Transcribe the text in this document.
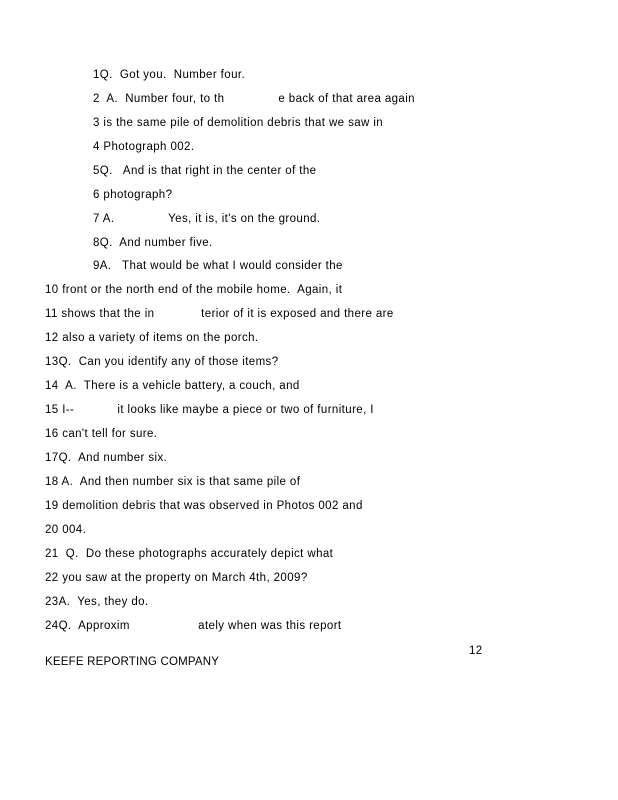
1Q.  Got you.  Number four.
2  A.  Number four, to th               e back of that area again
3 is the same pile of demolition debris that we saw in
4 Photograph 002.
5Q.   And is that right in the center of the
6 photograph?
7 A.               Yes, it is, it's on the ground.
8Q.  And number five.
9A.   That would be what I would consider the
10 front or the north end of the mobile home.  Again, it
11 shows that the in             terior of it is exposed and there are
12 also a variety of items on the porch.
13Q.  Can you identify any of those items?
14  A.  There is a vehicle battery, a couch, and
15 I--            it looks like maybe a piece or two of furniture, I
16 can't tell for sure.
17Q.  And number six.
18 A.  And then number six is that same pile of
19 demolition debris that was observed in Photos 002 and
20 004.
21  Q.  Do these photographs accurately depict what
22 you saw at the property on March 4th, 2009?
23A.  Yes, they do.
24Q.  Approxim                   ately when was this report
12
KEEFE REPORTING COMPANY
